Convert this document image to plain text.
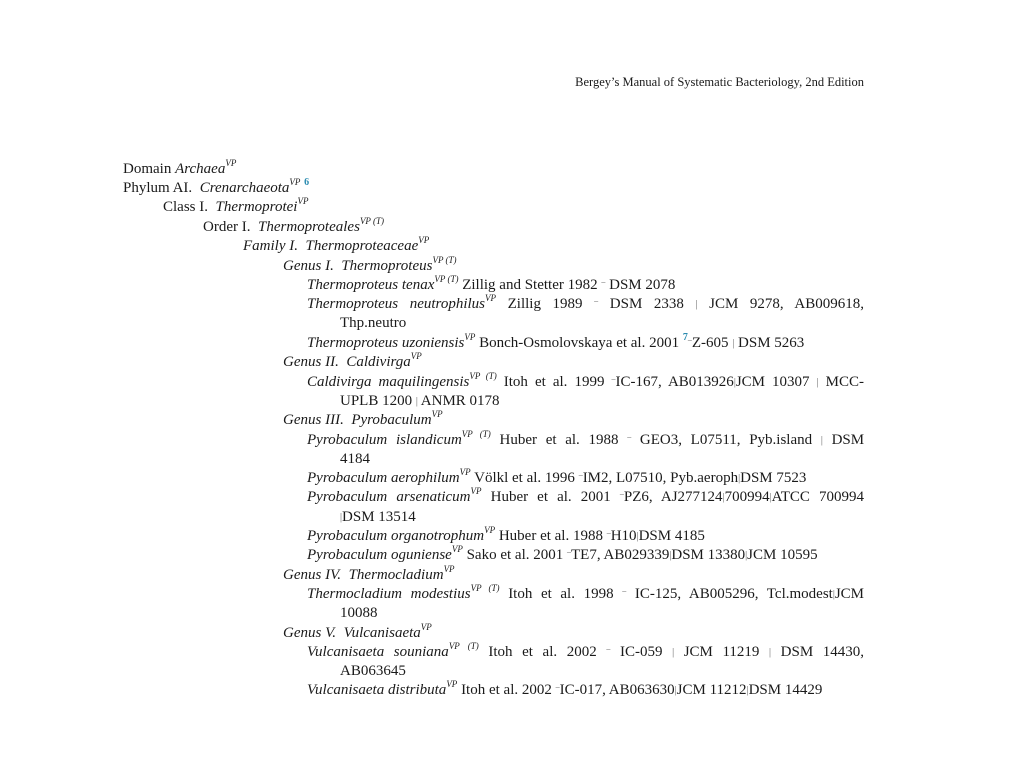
Bergey’s Manual of Systematic Bacteriology, 2nd Edition
Domain Archaea$^{VP}$
Phylum AI. Crenarchaeota$^{VP}$ $^6$
Class I. Thermoprotei$^{VP}$
Order I. Thermoproteales$^{VP (T)}$
Family I. Thermoproteaceae$^{VP}$
Genus I. Thermoproteus$^{VP (T)}$
Thermoproteus tenax$^{VP (T)}$ Zillig and Stetter 1982 – DSM 2078
Thermoproteus neutrophilus$^{VP}$ Zillig 1989 – DSM 2338 | JCM 9278, AB009618,
Thp.neutro
Thermoproteus uzoniensis$^{VP}$ Bonch-Osmolovskaya et al. 2001 $^{7-}$Z-605 | DSM 5263
Genus II. Caldivirga$^{VP}$
Caldivirga maquilingensis$^{VP (T)}$ Itoh et al. 1999 –IC-167, AB013926|JCM 10307 | MCC-
UPLB 1200 | ANMR 0178
Genus III. Pyrobaculum$^{VP}$
Pyrobaculum islandicum$^{VP (T)}$ Huber et al. 1988 – GEO3, L07511, Pyb.island | DSM
4184
Pyrobaculum aerophilum$^{VP}$ Völkl et al. 1996 –IM2, L07510, Pyb.aeroph|DSM 7523
Pyrobaculum arsenaticum$^{VP}$ Huber et al. 2001 –PZ6, AJ277124|700994|ATCC 700994
|DSM 13514
Pyrobaculum organotrophum$^{VP}$ Huber et al. 1988 –H10|DSM 4185
Pyrobaculum oguniense$^{VP}$ Sako et al. 2001 –TE7, AB029339|DSM 13380|JCM 10595
Genus IV. Thermocladium$^{VP}$
Thermocladium modestius$^{VP (T)}$ Itoh et al. 1998 – IC-125, AB005296, Tcl.modest|JCM
10088
Genus V. Vulcanisaeta$^{VP}$
Vulcanisaeta souniana$^{VP (T)}$ Itoh et al. 2002 – IC-059 | JCM 11219 | DSM 14430,
AB063645
Vulcanisaeta distributa$^{VP}$ Itoh et al. 2002 –IC-017, AB063630|JCM 11212|DSM 14429
